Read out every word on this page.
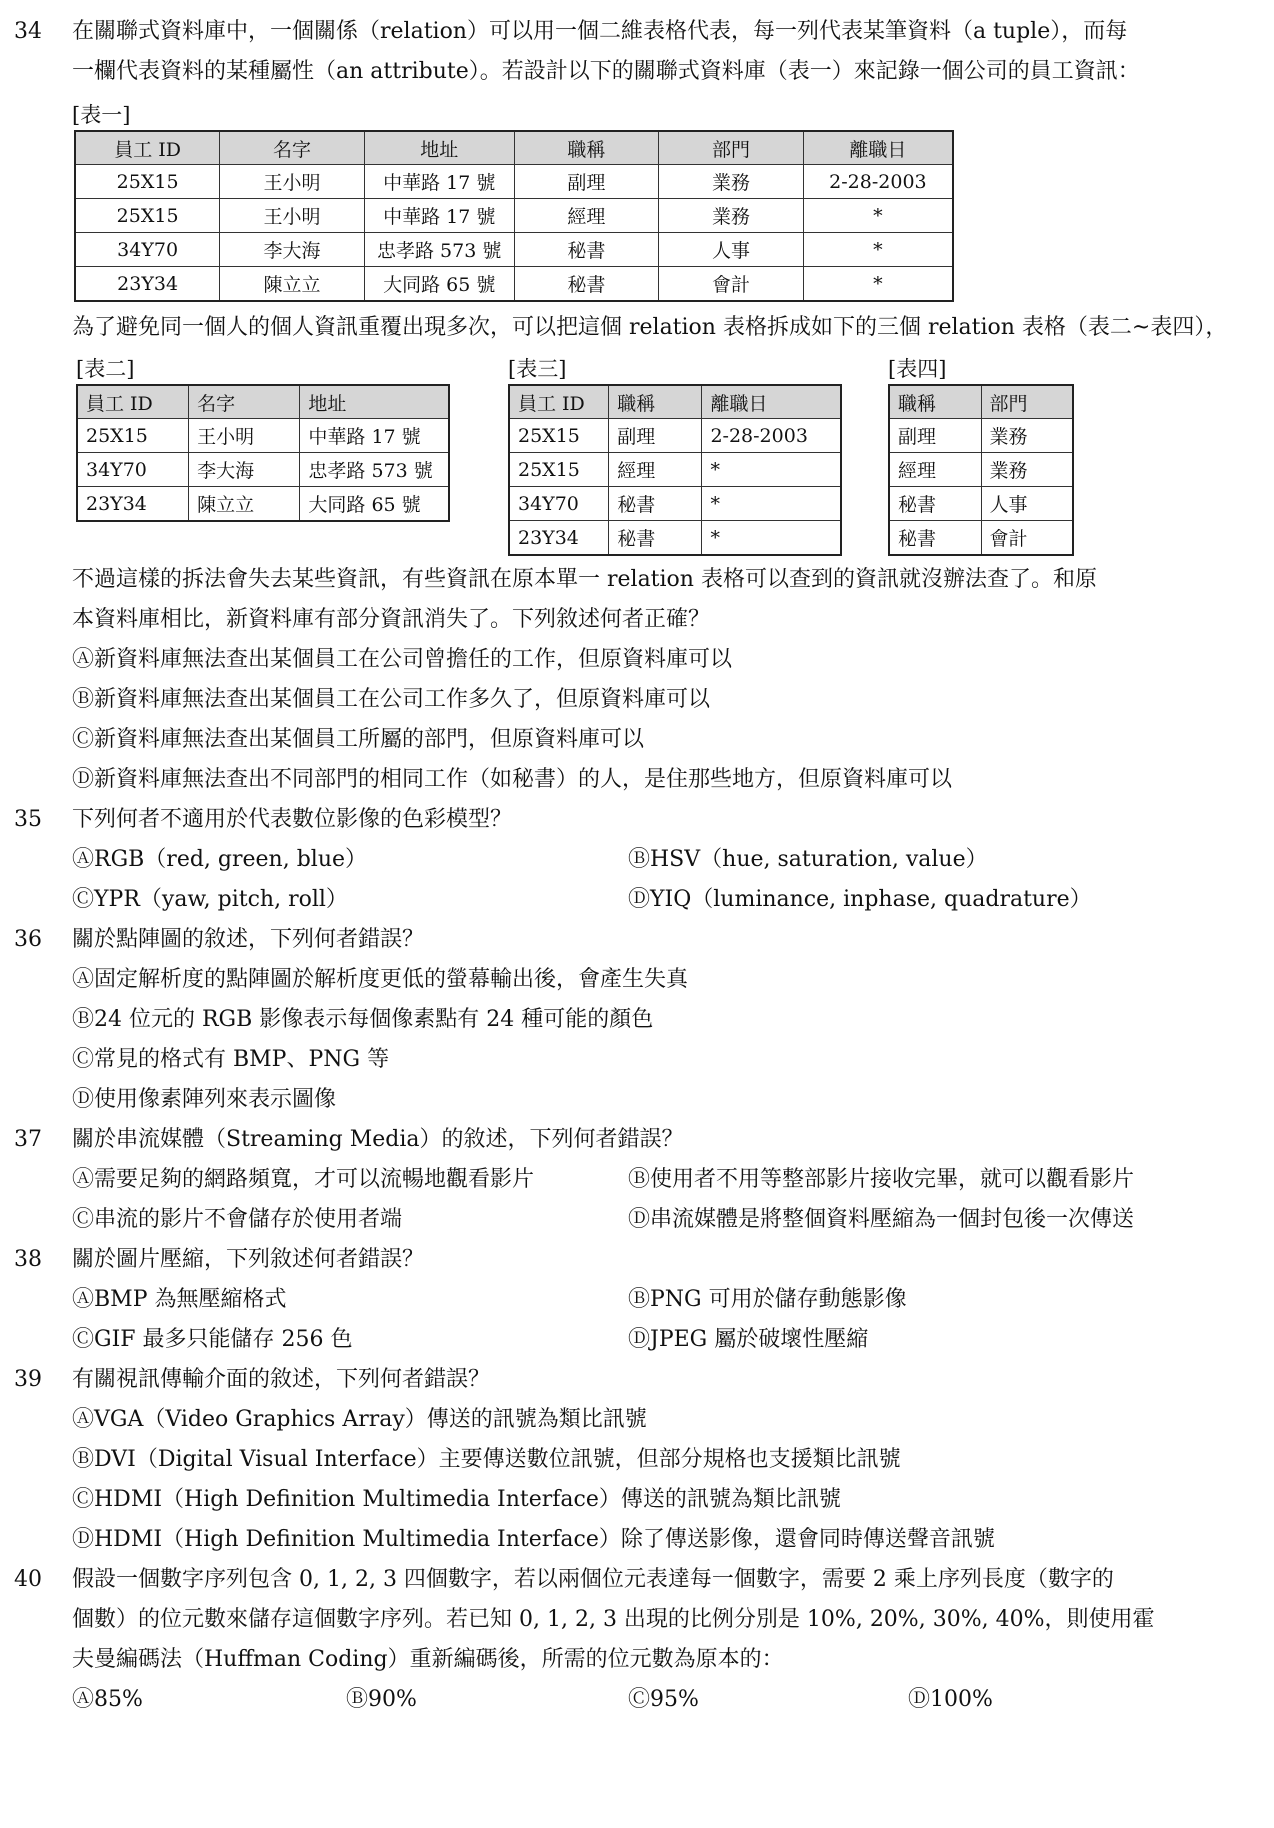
34	在關聯式資料庫中，一個關係（relation）可以用一個二維表格代表，每一列代表某筆資料（a tuple），而每
一欄代表資料的某種屬性（an attribute）。若設計以下的關聯式資料庫（表一）來記錄一個公司的員工資訊：
[表一]
員工 ID	名字	地址	職稱	部門	離職日
25X15	王小明	中華路 17 號	副理	業務	2-28-2003
25X15	王小明	中華路 17 號	經理	業務	*
34Y70	李大海	忠孝路 573 號	秘書	人事	*
23Y34	陳立立	大同路 65 號	秘書	會計	*
為了避免同一個人的個人資訊重覆出現多次，可以把這個 relation 表格拆成如下的三個 relation 表格（表二~表四），
[表二]	[表三]	[表四]
員工 ID	名字	地址
25X15	王小明	中華路 17 號
34Y70	李大海	忠孝路 573 號
23Y34	陳立立	大同路 65 號
員工 ID	職稱	離職日
25X15	副理	2-28-2003
25X15	經理	*
34Y70	秘書	*
23Y34	秘書	*
職稱	部門
副理	業務
經理	業務
秘書	人事
秘書	會計
不過這樣的拆法會失去某些資訊，有些資訊在原本單一 relation 表格可以查到的資訊就沒辦法查了。和原
本資料庫相比，新資料庫有部分資訊消失了。下列敘述何者正確？
Ⓐ新資料庫無法查出某個員工在公司曾擔任的工作，但原資料庫可以
Ⓑ新資料庫無法查出某個員工在公司工作多久了，但原資料庫可以
Ⓒ新資料庫無法查出某個員工所屬的部門，但原資料庫可以
Ⓓ新資料庫無法查出不同部門的相同工作（如秘書）的人，是住那些地方，但原資料庫可以
35	下列何者不適用於代表數位影像的色彩模型？
ⒶRGB（red, green, blue）	ⒷHSV（hue, saturation, value）
ⒸYPR（yaw, pitch, roll）	ⒹYIQ（luminance, inphase, quadrature）
36	關於點陣圖的敘述，下列何者錯誤？
Ⓐ固定解析度的點陣圖於解析度更低的螢幕輸出後，會產生失真
Ⓑ24 位元的 RGB 影像表示每個像素點有 24 種可能的顏色
Ⓒ常見的格式有 BMP、PNG 等
Ⓓ使用像素陣列來表示圖像
37	關於串流媒體（Streaming Media）的敘述，下列何者錯誤？
Ⓐ需要足夠的網路頻寬，才可以流暢地觀看影片	Ⓑ使用者不用等整部影片接收完畢，就可以觀看影片
Ⓒ串流的影片不會儲存於使用者端	Ⓓ串流媒體是將整個資料壓縮為一個封包後一次傳送
38	關於圖片壓縮，下列敘述何者錯誤？
ⒶBMP 為無壓縮格式	ⒷPNG 可用於儲存動態影像
ⒸGIF 最多只能儲存 256 色	ⒹJPEG 屬於破壞性壓縮
39	有關視訊傳輸介面的敘述，下列何者錯誤？
ⒶVGA（Video Graphics Array）傳送的訊號為類比訊號
ⒷDVI（Digital Visual Interface）主要傳送數位訊號，但部分規格也支援類比訊號
ⒸHDMI（High Definition Multimedia Interface）傳送的訊號為類比訊號
ⒹHDMI（High Definition Multimedia Interface）除了傳送影像，還會同時傳送聲音訊號
40	假設一個數字序列包含 0, 1, 2, 3 四個數字，若以兩個位元表達每一個數字，需要 2 乘上序列長度（數字的
個數）的位元數來儲存這個數字序列。若已知 0, 1, 2, 3 出現的比例分別是 10%, 20%, 30%, 40%，則使用霍
夫曼編碼法（Huffman Coding）重新編碼後，所需的位元數為原本的：
Ⓐ85%	Ⓑ90%	Ⓒ95%	Ⓓ100%
